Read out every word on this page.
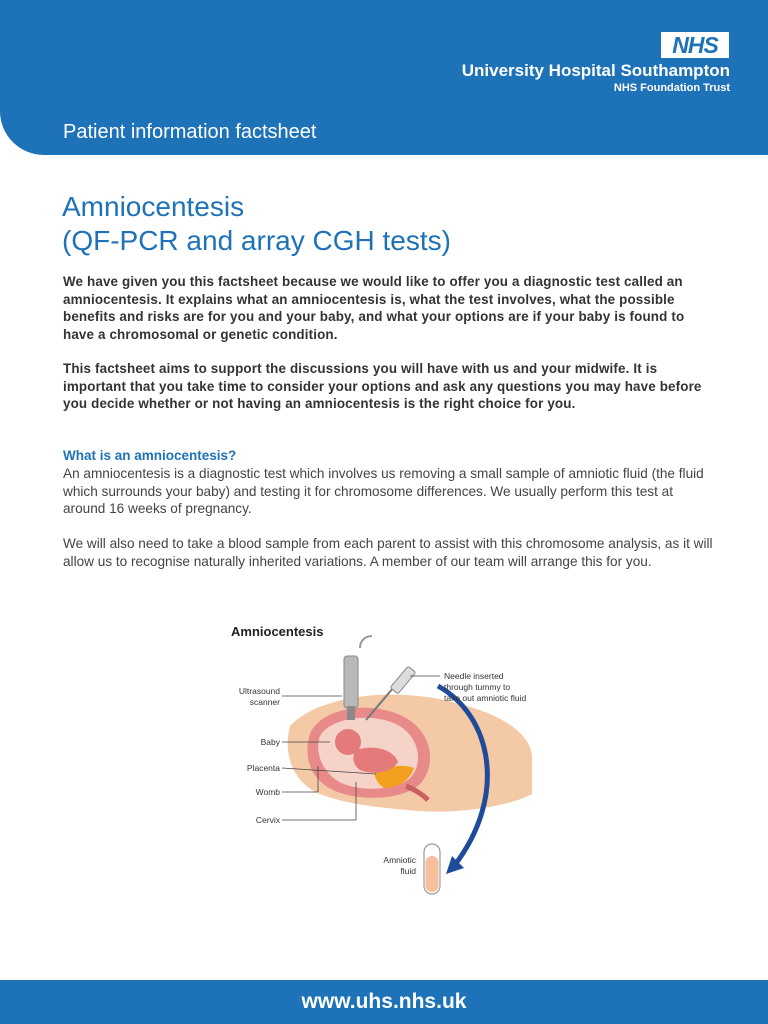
NHS
University Hospital Southampton
NHS Foundation Trust
Patient information factsheet
Amniocentesis
(QF-PCR and array CGH tests)

We have given you this factsheet because we would like to offer you a diagnostic test called an amniocentesis. It explains what an amniocentesis is, what the test involves, what the possible benefits and risks are for you and your baby, and what your options are if your baby is found to have a chromosomal or genetic condition.

This factsheet aims to support the discussions you will have with us and your midwife. It is important that you take time to consider your options and ask any questions you may have before you decide whether or not having an amniocentesis is the right choice for you.

What is an amniocentesis?

An amniocentesis is a diagnostic test which involves us removing a small sample of amniotic fluid (the fluid which surrounds your baby) and testing it for chromosome differences. We usually perform this test at around 16 weeks of pregnancy.

We will also need to take a blood sample from each parent to assist with this chromosome analysis, as it will allow us to recognise naturally inherited variations. A member of our team will arrange this for you.

Amniocentesis
Ultrasound
scanner
Baby
Placenta
Womb
Cervix
Needle inserted
through tummy to
take out amniotic fluid
Amniotic
fluid
www.uhs.nhs.uk
